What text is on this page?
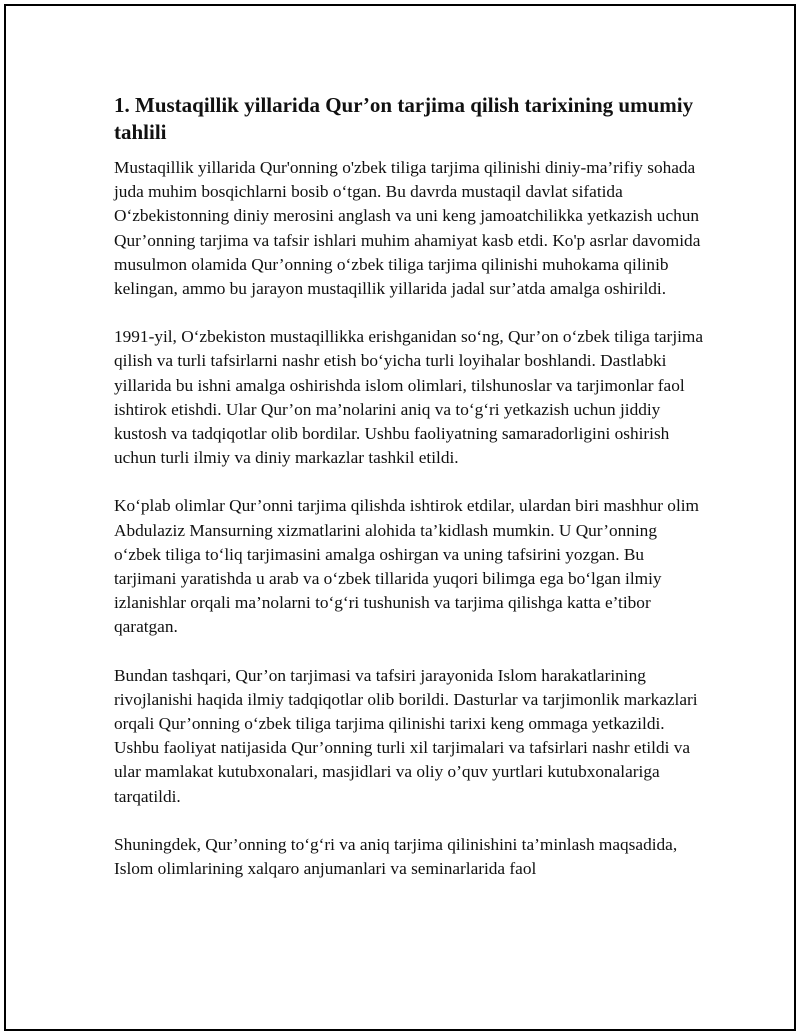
1. Mustaqillik yillarida Qur’on tarjima qilish tarixining umumiy tahlili

Mustaqillik yillarida Qur'onning o'zbek tiliga tarjima qilinishi diniy-ma’rifiy sohada juda muhim bosqichlarni bosib o‘tgan. Bu davrda mustaqil davlat sifatida O‘zbekistonning diniy merosini anglash va uni keng jamoatchilikka yetkazish uchun Qur’onning tarjima va tafsir ishlari muhim ahamiyat kasb etdi. Ko'p asrlar davomida musulmon olamida Qur’onning o‘zbek tiliga tarjima qilinishi muhokama qilinib kelingan, ammo bu jarayon mustaqillik yillarida jadal sur’atda amalga oshirildi.

1991-yil, O‘zbekiston mustaqillikka erishganidan so‘ng, Qur’on o‘zbek tiliga tarjima qilish va turli tafsirlarni nashr etish bo‘yicha turli loyihalar boshlandi. Dastlabki yillarida bu ishni amalga oshirishda islom olimlari, tilshunoslar va tarjimonlar faol ishtirok etishdi. Ular Qur’on ma’nolarini aniq va to‘g‘ri yetkazish uchun jiddiy kustosh va tadqiqotlar olib bordilar. Ushbu faoliyatning samaradorligini oshirish uchun turli ilmiy va diniy markazlar tashkil etildi.

Ko‘plab olimlar Qur’onni tarjima qilishda ishtirok etdilar, ulardan biri mashhur olim Abdulaziz Mansurning xizmatlarini alohida ta’kidlash mumkin. U Qur’onning o‘zbek tiliga to‘liq tarjimasini amalga oshirgan va uning tafsirini yozgan. Bu tarjimani yaratishda u arab va o‘zbek tillarida yuqori bilimga ega bo‘lgan ilmiy izlanishlar orqali ma’nolarni to‘g‘ri tushunish va tarjima qilishga katta e’tibor qaratgan.

Bundan tashqari, Qur’on tarjimasi va tafsiri jarayonida Islom harakatlarining rivojlanishi haqida ilmiy tadqiqotlar olib borildi. Dasturlar va tarjimonlik markazlari orqali Qur’onning o‘zbek tiliga tarjima qilinishi tarixi keng ommaga yetkazildi. Ushbu faoliyat natijasida Qur’onning turli xil tarjimalari va tafsirlari nashr etildi va ular mamlakat kutubxonalari, masjidlari va oliy o’quv yurtlari kutubxonalariga tarqatildi.

Shuningdek, Qur’onning to‘g‘ri va aniq tarjima qilinishini ta’minlash maqsadida, Islom olimlarining xalqaro anjumanlari va seminarlarida faol
